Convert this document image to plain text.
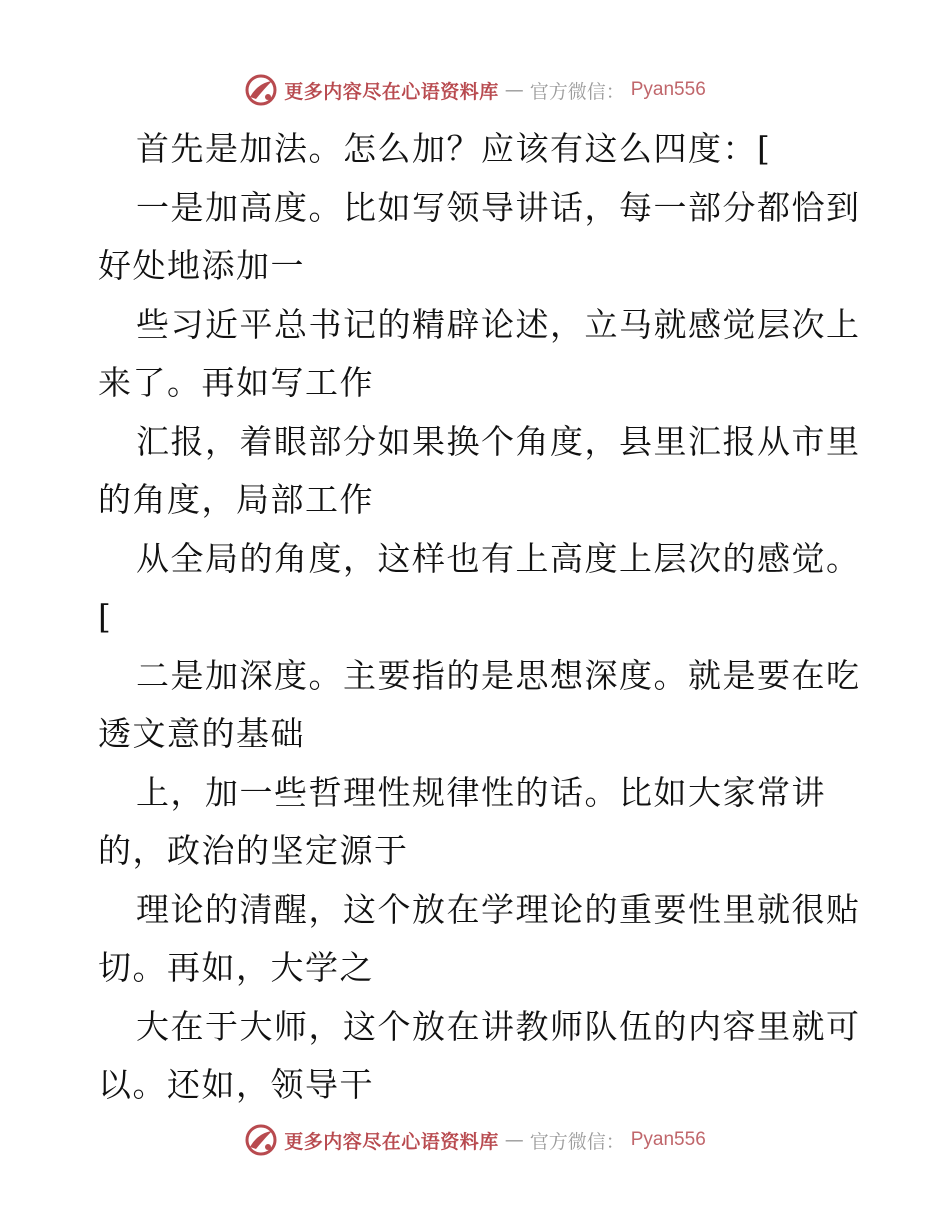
更多内容尽在心语资料库 — 官方微信： Pyan556
首先是加法。怎么加？应该有这么四度：[
一是加高度。比如写领导讲话，每一部分都恰到
好处地添加一
些习近平总书记的精辟论述，立马就感觉层次上
来了。再如写工作
汇报，着眼部分如果换个角度，县里汇报从市里
的角度，局部工作
从全局的角度，这样也有上高度上层次的感觉。
[
二是加深度。主要指的是思想深度。就是要在吃
透文意的基础
上，加一些哲理性规律性的话。比如大家常讲
的，政治的坚定源于
理论的清醒，这个放在学理论的重要性里就很贴
切。再如，大学之
大在于大师，这个放在讲教师队伍的内容里就可
以。还如，领导干
更多内容尽在心语资料库 — 官方微信： Pyan556
